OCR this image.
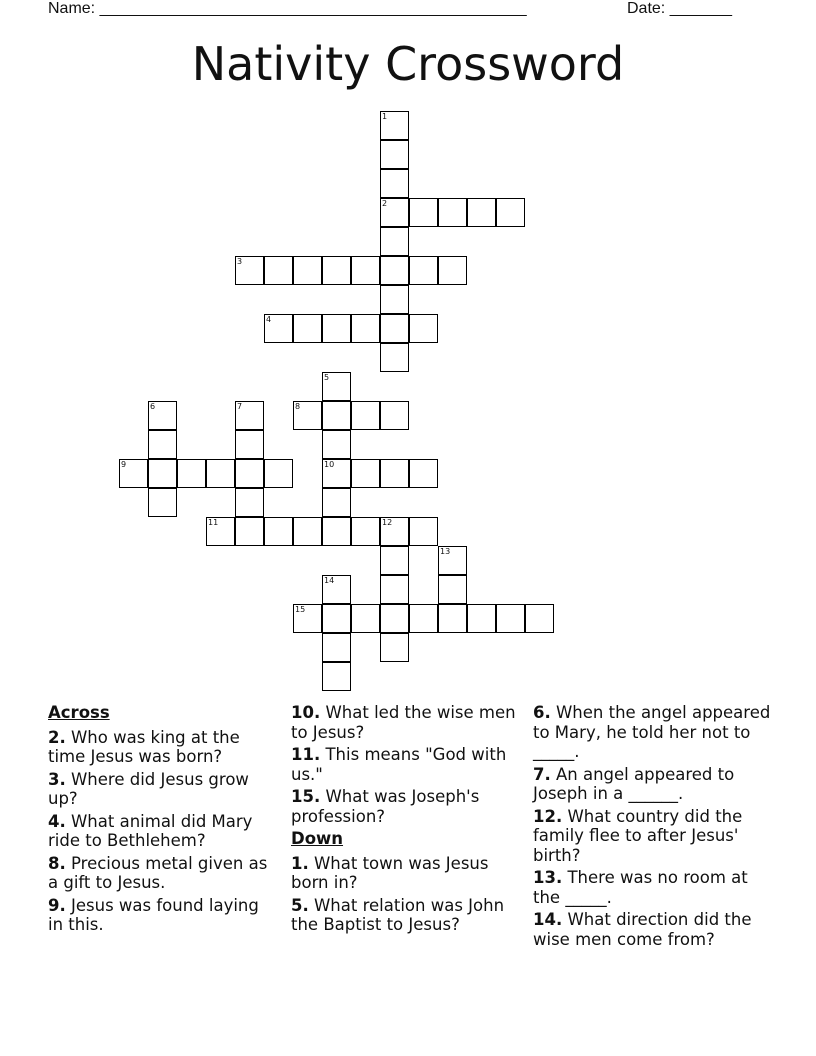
Name: ________________________________________________	Date: _______
Nativity Crossword
1
2
3
4
5
6	7	8
9	10
11	12
13
14
15
Across
2. Who was king at the time Jesus was born?
3. Where did Jesus grow up?
4. What animal did Mary ride to Bethlehem?
8. Precious metal given as a gift to Jesus.
9. Jesus was found laying in this.
10. What led the wise men to Jesus?
11. This means "God with us."
15. What was Joseph's profession?
Down
1. What town was Jesus born in?
5. What relation was John the Baptist to Jesus?
6. When the angel appeared to Mary, he told her not to _____.
7. An angel appeared to Joseph in a ______.
12. What country did the family flee to after Jesus' birth?
13. There was no room at the _____.
14. What direction did the wise men come from?
